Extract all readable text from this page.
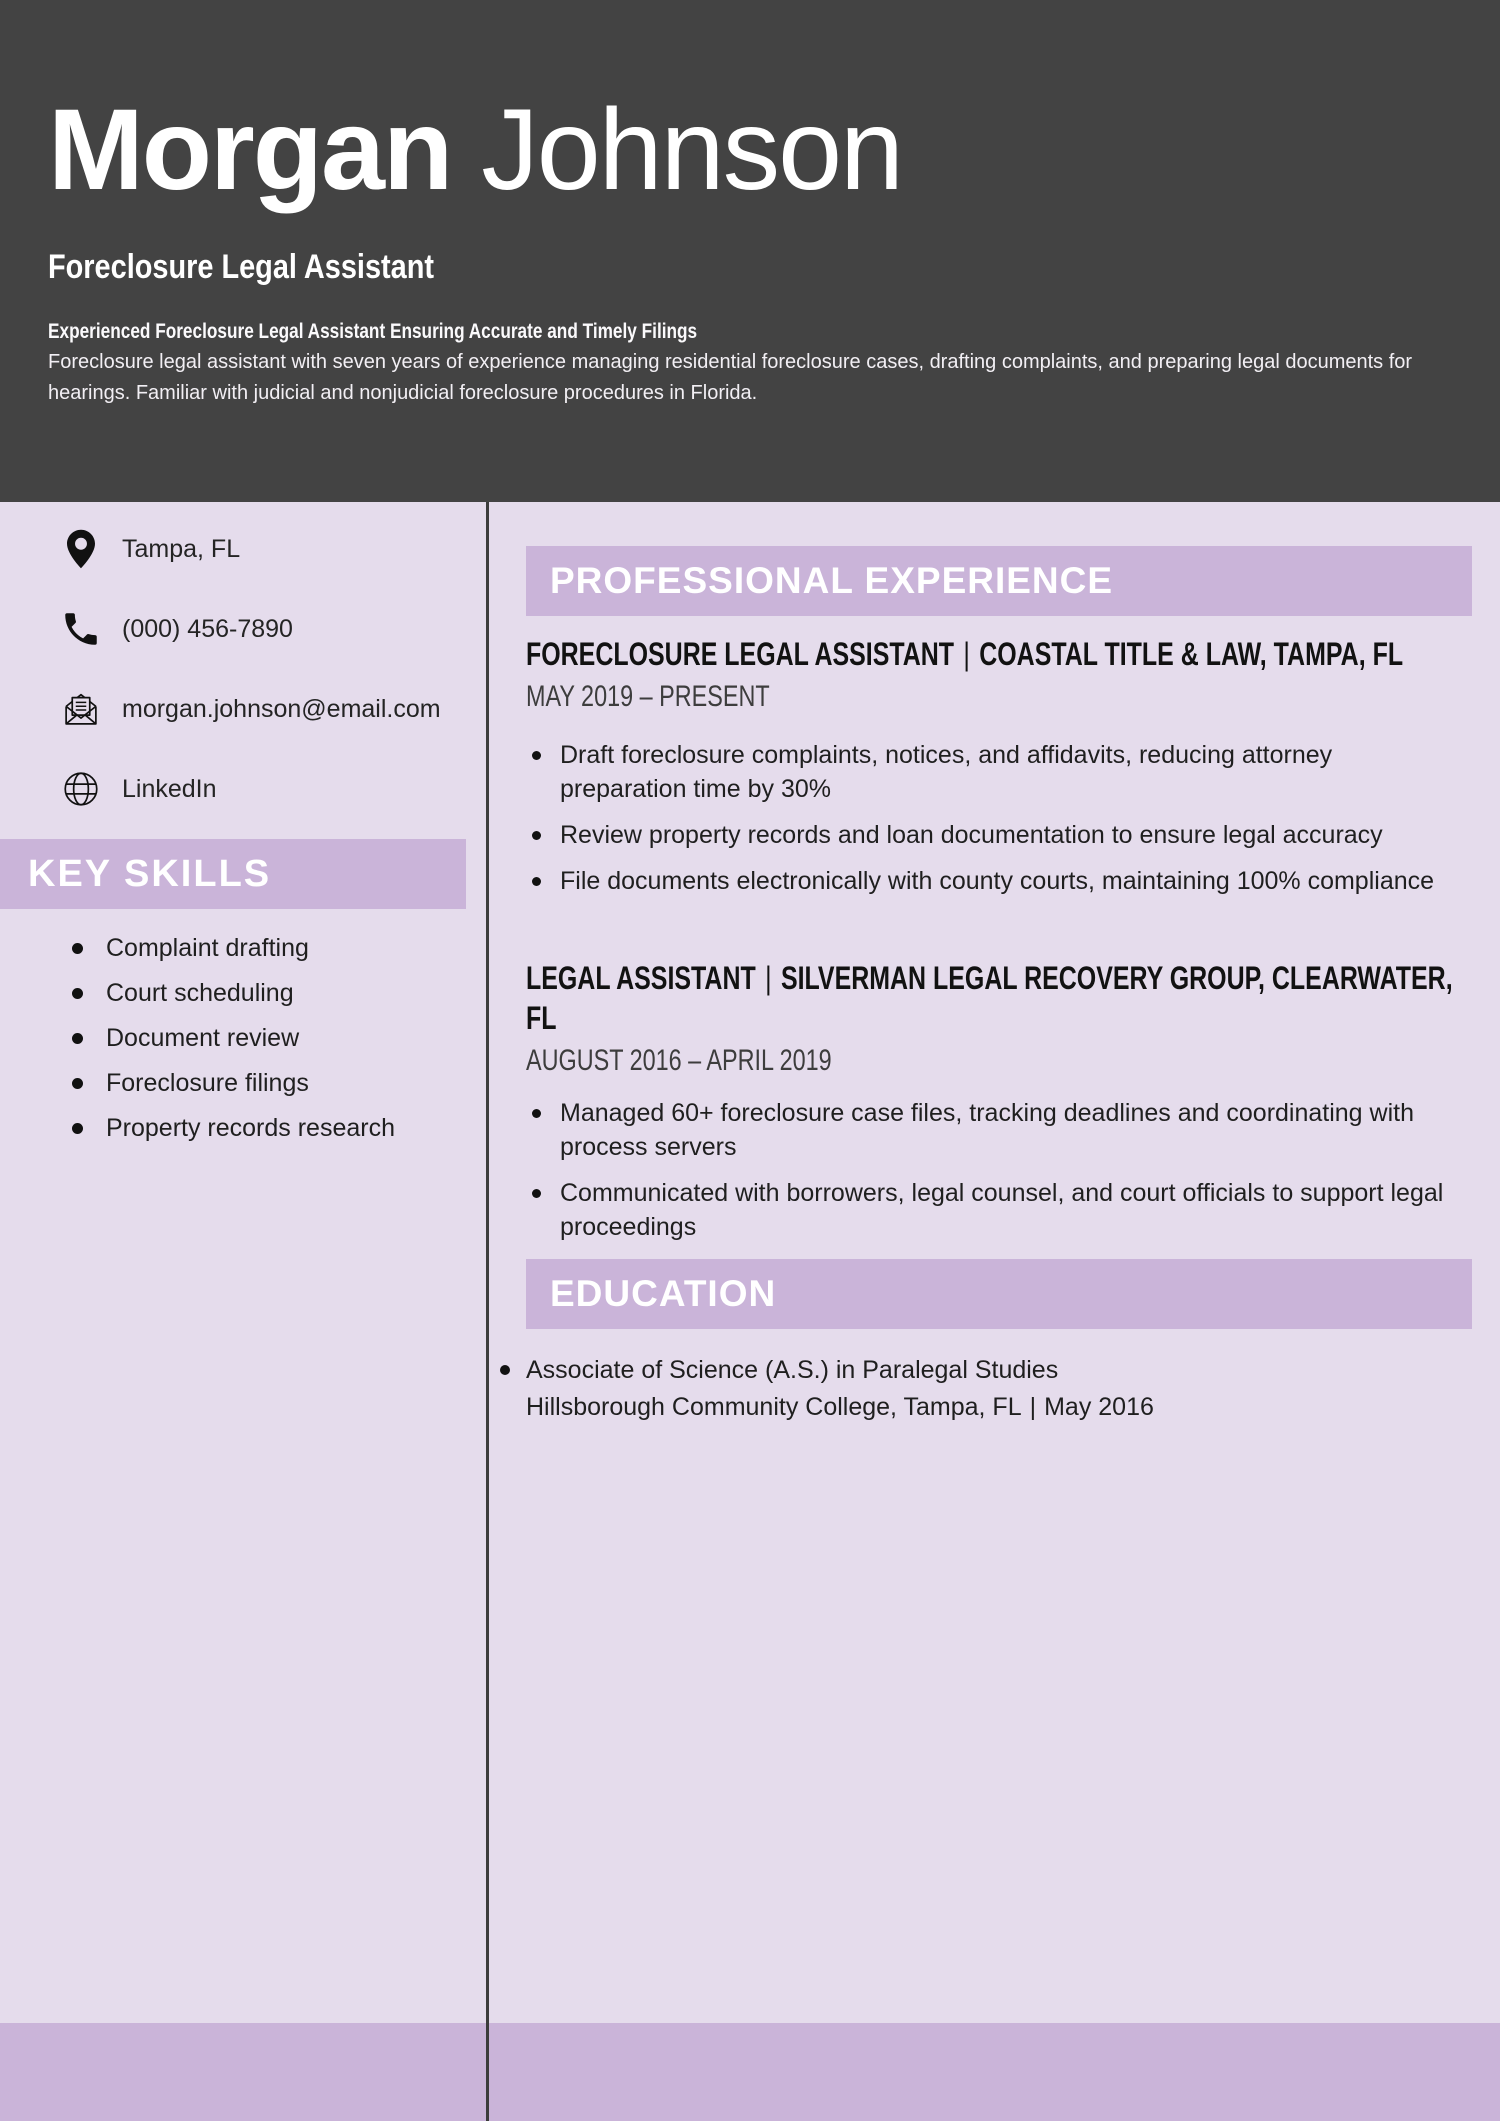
Morgan Johnson
Foreclosure Legal Assistant
Experienced Foreclosure Legal Assistant Ensuring Accurate and Timely Filings
Foreclosure legal assistant with seven years of experience managing residential foreclosure cases, drafting complaints, and preparing legal documents for hearings. Familiar with judicial and nonjudicial foreclosure procedures in Florida.
Tampa, FL
(000) 456-7890
morgan.johnson@email.com
LinkedIn
KEY SKILLS
Complaint drafting
Court scheduling
Document review
Foreclosure filings
Property records research
PROFESSIONAL EXPERIENCE
FORECLOSURE LEGAL ASSISTANT | COASTAL TITLE & LAW, TAMPA, FL
MAY 2019 – PRESENT
Draft foreclosure complaints, notices, and affidavits, reducing attorney preparation time by 30%
Review property records and loan documentation to ensure legal accuracy
File documents electronically with county courts, maintaining 100% compliance
LEGAL ASSISTANT | SILVERMAN LEGAL RECOVERY GROUP, CLEARWATER, FL
AUGUST 2016 – APRIL 2019
Managed 60+ foreclosure case files, tracking deadlines and coordinating with process servers
Communicated with borrowers, legal counsel, and court officials to support legal proceedings
EDUCATION
Associate of Science (A.S.) in Paralegal Studies
Hillsborough Community College, Tampa, FL | May 2016
